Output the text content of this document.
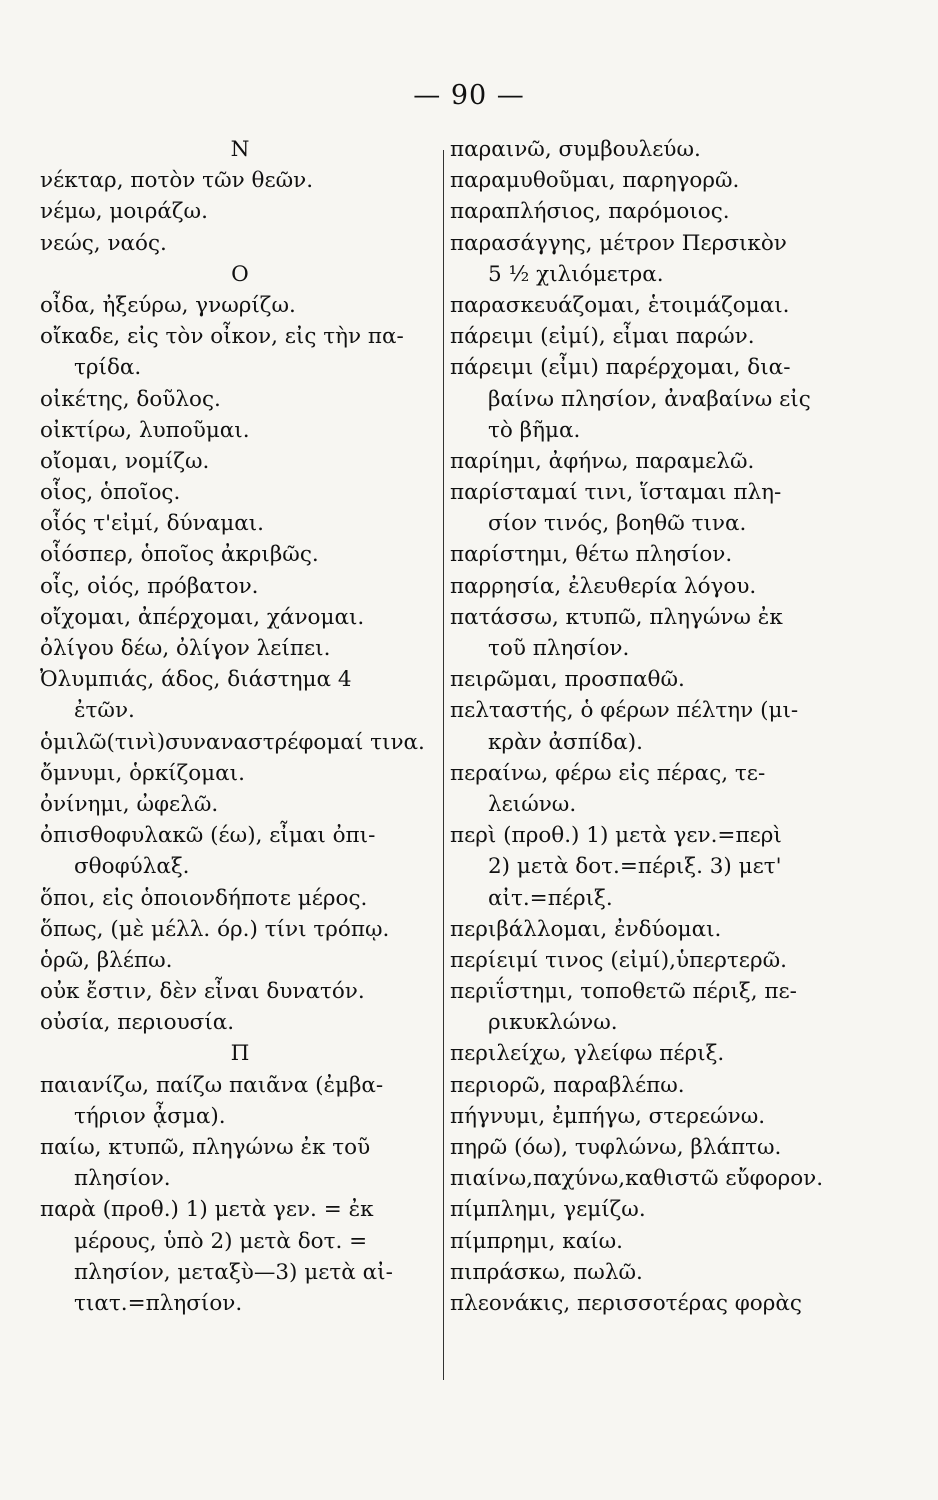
— 90 —
Ν
νέκταρ, ποτὸν τῶν θεῶν.
νέμω, μοιράζω.
νεώς, ναός.
Ο
οἶδα, ἠξεύρω, γνωρίζω.
οἴκαδε, εἰς τὸν οἶκον, εἰς τὴν πα-
τρίδα.
οἰκέτης, δοῦλος.
οἰκτίρω, λυποῦμαι.
οἴομαι, νομίζω.
οἷος, ὁποῖος.
οἷός τ'εἰμί, δύναμαι.
οἷόσπερ, ὁποῖος ἀκριβῶς.
οἷς, οἰός, πρόβατον.
οἴχομαι, ἀπέρχομαι, χάνομαι.
ὀλίγου δέω, ὀλίγον λείπει.
Ὀλυμπιάς, άδος, διάστημα 4
ἐτῶν.
ὁμιλῶ(τινὶ)συναναστρέφομαί τινα.
ὄμνυμι, ὁρκίζομαι.
ὀνίνημι, ὠφελῶ.
ὀπισθοφυλακῶ (έω), εἶμαι ὀπι-
σθοφύλαξ.
ὅποι, εἰς ὁποιονδήποτε μέρος.
ὅπως, (μὲ μέλλ. όρ.) τίνι τρόπῳ.
ὁρῶ, βλέπω.
οὐκ ἔστιν, δὲν εἶναι δυνατόν.
οὐσία, περιουσία.
Π
παιανίζω, παίζω παιᾶνα (ἐμβα-
τήριον ᾆσμα).
παίω, κτυπῶ, πληγώνω ἐκ τοῦ
πλησίον.
παρὰ (προθ.) 1) μετὰ γεν. = ἐκ
μέρους, ὑπὸ 2) μετὰ δοτ. =
πλησίον, μεταξὺ—3) μετὰ αἰ-
τιατ.=πλησίον.
παραινῶ, συμβουλεύω.
παραμυθοῦμαι, παρηγορῶ.
παραπλήσιος, παρόμοιος.
παρασάγγης, μέτρον Περσικὸν
5 ½ χιλιόμετρα.
παρασκευάζομαι, ἑτοιμάζομαι.
πάρειμι (εἰμί), εἶμαι παρών.
πάρειμι (εἶμι) παρέρχομαι, δια-
βαίνω πλησίον, ἀναβαίνω εἰς
τὸ βῆμα.
παρίημι, ἀφήνω, παραμελῶ.
παρίσταμαί τινι, ἵσταμαι πλη-
σίον τινός, βοηθῶ τινα.
παρίστημι, θέτω πλησίον.
παρρησία, ἐλευθερία λόγου.
πατάσσω, κτυπῶ, πληγώνω ἐκ
τοῦ πλησίον.
πειρῶμαι, προσπαθῶ.
πελταστής, ὁ φέρων πέλτην (μι-
κρὰν ἀσπίδα).
περαίνω, φέρω εἰς πέρας, τε-
λειώνω.
περὶ (προθ.) 1) μετὰ γεν.=περὶ
2) μετὰ δοτ.=πέριξ. 3) μετ'
αἰτ.=πέριξ.
περιβάλλομαι, ἐνδύομαι.
περίειμί τινος (εἰμί),ὑπερτερῶ.
περιΐστημι, τοποθετῶ πέριξ, πε-
ρικυκλώνω.
περιλείχω, γλείφω πέριξ.
περιορῶ, παραβλέπω.
πήγνυμι, ἐμπήγω, στερεώνω.
πηρῶ (όω), τυφλώνω, βλάπτω.
πιαίνω,παχύνω,καθιστῶ εὔφορον.
πίμπλημι, γεμίζω.
πίμπρημι, καίω.
πιπράσκω, πωλῶ.
πλεονάκις, περισσοτέρας φορὰς
